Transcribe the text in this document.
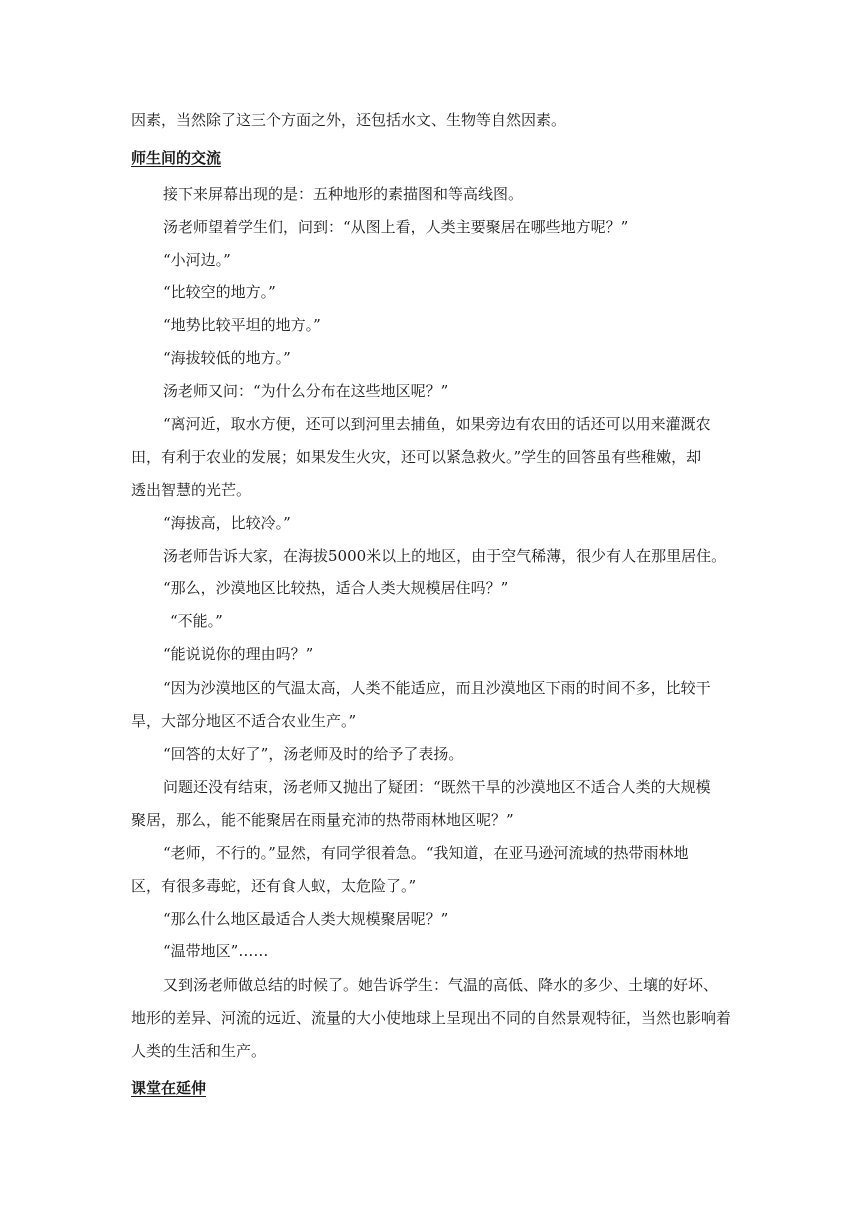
因素，当然除了这三个方面之外，还包括水文、生物等自然因素。
师生间的交流
接下来屏幕出现的是：五种地形的素描图和等高线图。
汤老师望着学生们，问到：“从图上看，人类主要聚居在哪些地方呢？”
“小河边。”
“比较空的地方。”
“地势比较平坦的地方。”
“海拔较低的地方。”
汤老师又问：“为什么分布在这些地区呢？”
“离河近，取水方便，还可以到河里去捕鱼，如果旁边有农田的话还可以用来灌溉农
田，有利于农业的发展；如果发生火灾，还可以紧急救火。”学生的回答虽有些稚嫩，却
透出智慧的光芒。
“海拔高，比较冷。”
汤老师告诉大家，在海拔5000米以上的地区，由于空气稀薄，很少有人在那里居住。
“那么，沙漠地区比较热，适合人类大规模居住吗？”
“不能。”
“能说说你的理由吗？”
“因为沙漠地区的气温太高，人类不能适应，而且沙漠地区下雨的时间不多，比较干
旱，大部分地区不适合农业生产。”
“回答的太好了”，汤老师及时的给予了表扬。
问题还没有结束，汤老师又抛出了疑团：“既然干旱的沙漠地区不适合人类的大规模
聚居，那么，能不能聚居在雨量充沛的热带雨林地区呢？”
“老师，不行的。”显然，有同学很着急。“我知道，在亚马逊河流域的热带雨林地
区，有很多毒蛇，还有食人蚁，太危险了。”
“那么什么地区最适合人类大规模聚居呢？”
“温带地区”……
又到汤老师做总结的时候了。她告诉学生：气温的高低、降水的多少、土壤的好坏、
地形的差异、河流的远近、流量的大小使地球上呈现出不同的自然景观特征，当然也影响着
人类的生活和生产。
课堂在延伸
